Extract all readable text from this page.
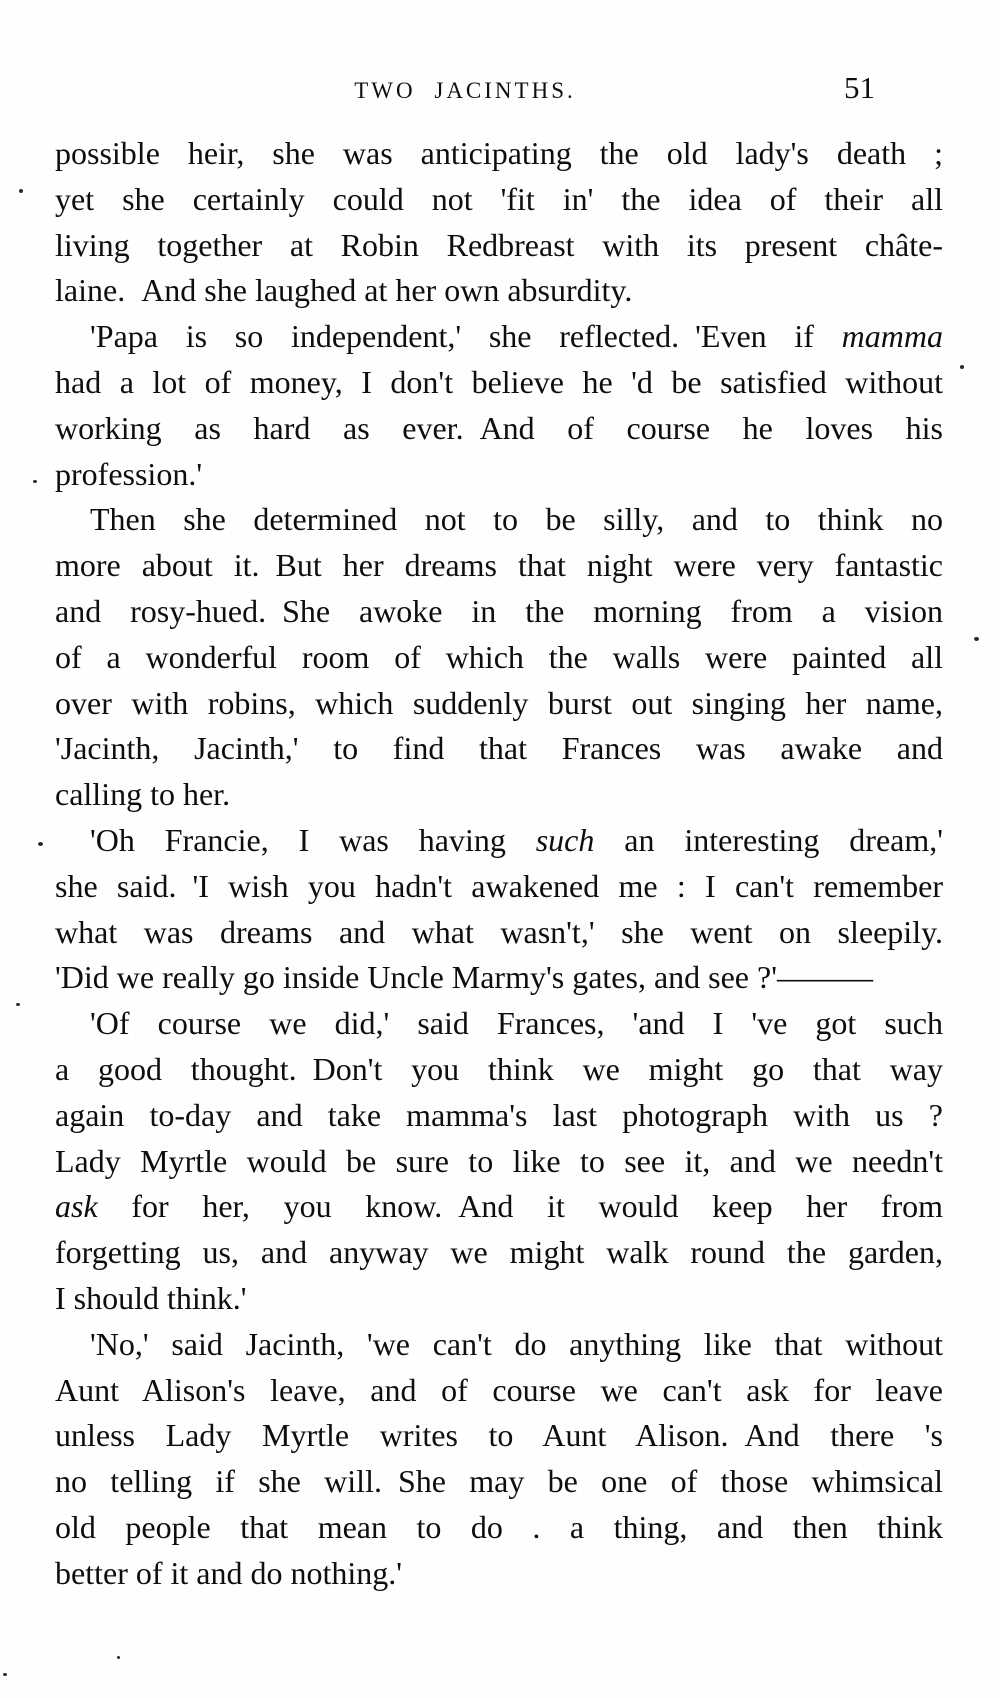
TWO JACINTHS.	51
possible heir, she was anticipating the old lady's death ;
yet she certainly could not 'fit in' the idea of their all
living together at Robin Redbreast with its present châte-
laine. And she laughed at her own absurdity.
'Papa is so independent,' she reflected. 'Even if mamma
had a lot of money, I don't believe he 'd be satisfied without
working as hard as ever. And of course he loves his
profession.'
Then she determined not to be silly, and to think no
more about it. But her dreams that night were very fantastic
and rosy-hued. She awoke in the morning from a vision
of a wonderful room of which the walls were painted all
over with robins, which suddenly burst out singing her name,
'Jacinth, Jacinth,' to find that Frances was awake and
calling to her.
'Oh Francie, I was having such an interesting dream,'
she said. 'I wish you hadn't awakened me : I can't remember
what was dreams and what wasn't,' she went on sleepily.
'Did we really go inside Uncle Marmy's gates, and see ?'———
'Of course we did,' said Frances, 'and I 've got such
a good thought. Don't you think we might go that way
again to-day and take mamma's last photograph with us ?
Lady Myrtle would be sure to like to see it, and we needn't
ask for her, you know. And it would keep her from
forgetting us, and anyway we might walk round the garden,
I should think.'
'No,' said Jacinth, 'we can't do anything like that without
Aunt Alison's leave, and of course we can't ask for leave
unless Lady Myrtle writes to Aunt Alison. And there 's
no telling if she will. She may be one of those whimsical
old people that mean to do . a thing, and then think
better of it and do nothing.'
